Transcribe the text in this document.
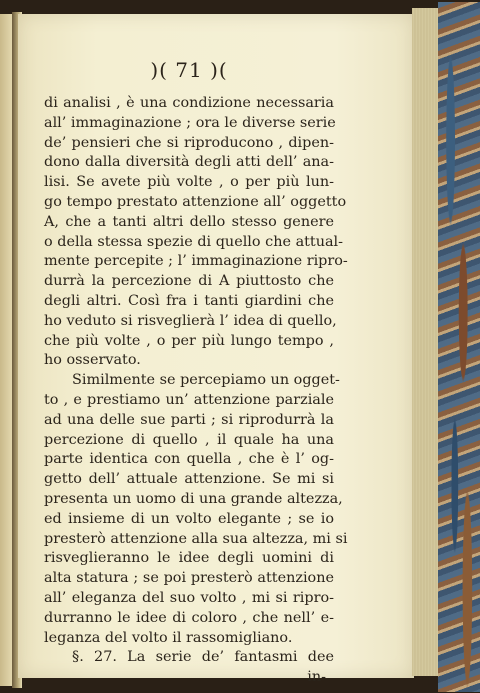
)( 71 )(
di analisi , è una condizione necessaria
all’ immaginazione ; ora le diverse serie
de’ pensieri che si riproducono , dipen-
dono dalla diversità degli atti dell’ ana-
lisi. Se avete più volte , o per più lun-
go tempo prestato attenzione all’ oggetto
A, che a tanti altri dello stesso genere
o della stessa spezie di quello che attual-
mente percepite ; l’ immaginazione ripro-
durrà la percezione di A piuttosto che
degli altri. Così fra i tanti giardini che
ho veduto si risveglierà l’ idea di quello,
che più volte , o per più lungo tempo ,
ho osservato.
Similmente se percepiamo un ogget-
to , e prestiamo un’ attenzione parziale
ad una delle sue parti ; si riprodurrà la
percezione di quello , il quale ha una
parte identica con quella , che è l’ og-
getto dell’ attuale attenzione. Se mi si
presenta un uomo di una grande altezza,
ed insieme di un volto elegante ; se io
presterò attenzione alla sua altezza, mi si
risveglieranno le idee degli uomini di
alta statura ; se poi presterò attenzione
all’ eleganza del suo volto , mi si ripro-
durranno le idee di coloro , che nell’ e-
leganza del volto il rassomigliano.
§. 27. La serie de’ fantasmi dee
in-
